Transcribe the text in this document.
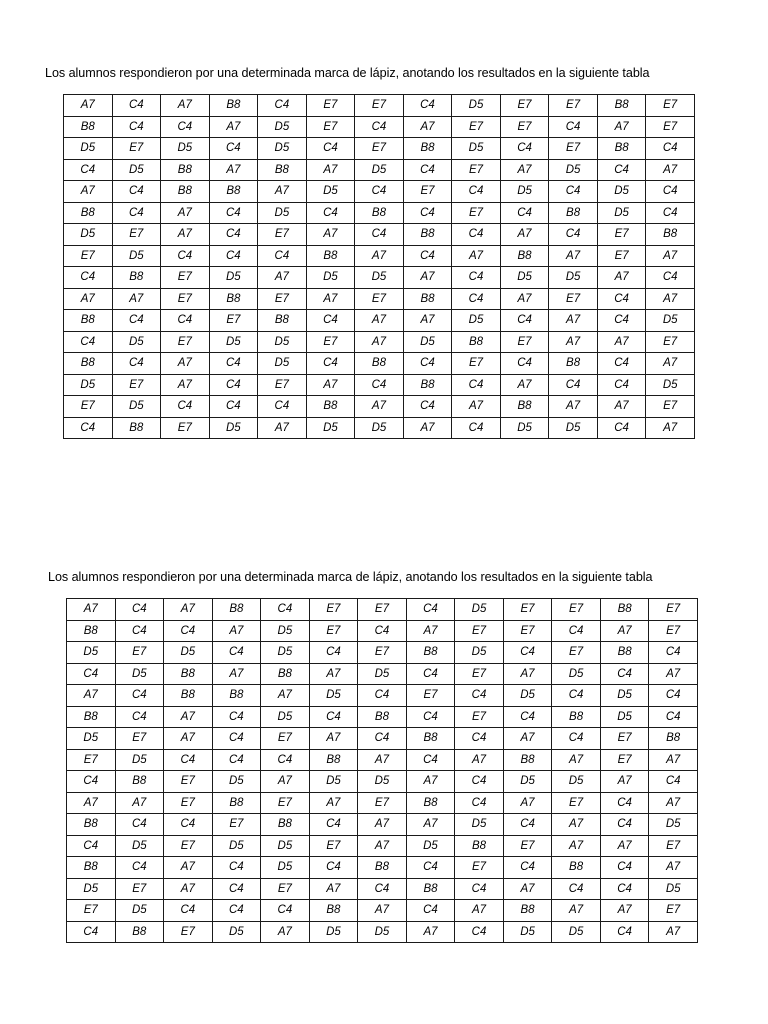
Los alumnos respondieron por una determinada marca de lápiz, anotando los resultados en la siguiente tabla
A7	C4	A7	B8	C4	E7	E7	C4	D5	E7	E7	B8	E7
B8	C4	C4	A7	D5	E7	C4	A7	E7	E7	C4	A7	E7
D5	E7	D5	C4	D5	C4	E7	B8	D5	C4	E7	B8	C4
C4	D5	B8	A7	B8	A7	D5	C4	E7	A7	D5	C4	A7
A7	C4	B8	B8	A7	D5	C4	E7	C4	D5	C4	D5	C4
B8	C4	A7	C4	D5	C4	B8	C4	E7	C4	B8	D5	C4
D5	E7	A7	C4	E7	A7	C4	B8	C4	A7	C4	E7	B8
E7	D5	C4	C4	C4	B8	A7	C4	A7	B8	A7	E7	A7
C4	B8	E7	D5	A7	D5	D5	A7	C4	D5	D5	A7	C4
A7	A7	E7	B8	E7	A7	E7	B8	C4	A7	E7	C4	A7
B8	C4	C4	E7	B8	C4	A7	A7	D5	C4	A7	C4	D5
C4	D5	E7	D5	D5	E7	A7	D5	B8	E7	A7	A7	E7
B8	C4	A7	C4	D5	C4	B8	C4	E7	C4	B8	C4	A7
D5	E7	A7	C4	E7	A7	C4	B8	C4	A7	C4	C4	D5
E7	D5	C4	C4	C4	B8	A7	C4	A7	B8	A7	A7	E7
C4	B8	E7	D5	A7	D5	D5	A7	C4	D5	D5	C4	A7
Los alumnos respondieron por una determinada marca de lápiz, anotando los resultados en la siguiente tabla
A7	C4	A7	B8	C4	E7	E7	C4	D5	E7	E7	B8	E7
B8	C4	C4	A7	D5	E7	C4	A7	E7	E7	C4	A7	E7
D5	E7	D5	C4	D5	C4	E7	B8	D5	C4	E7	B8	C4
C4	D5	B8	A7	B8	A7	D5	C4	E7	A7	D5	C4	A7
A7	C4	B8	B8	A7	D5	C4	E7	C4	D5	C4	D5	C4
B8	C4	A7	C4	D5	C4	B8	C4	E7	C4	B8	D5	C4
D5	E7	A7	C4	E7	A7	C4	B8	C4	A7	C4	E7	B8
E7	D5	C4	C4	C4	B8	A7	C4	A7	B8	A7	E7	A7
C4	B8	E7	D5	A7	D5	D5	A7	C4	D5	D5	A7	C4
A7	A7	E7	B8	E7	A7	E7	B8	C4	A7	E7	C4	A7
B8	C4	C4	E7	B8	C4	A7	A7	D5	C4	A7	C4	D5
C4	D5	E7	D5	D5	E7	A7	D5	B8	E7	A7	A7	E7
B8	C4	A7	C4	D5	C4	B8	C4	E7	C4	B8	C4	A7
D5	E7	A7	C4	E7	A7	C4	B8	C4	A7	C4	C4	D5
E7	D5	C4	C4	C4	B8	A7	C4	A7	B8	A7	A7	E7
C4	B8	E7	D5	A7	D5	D5	A7	C4	D5	D5	C4	A7
